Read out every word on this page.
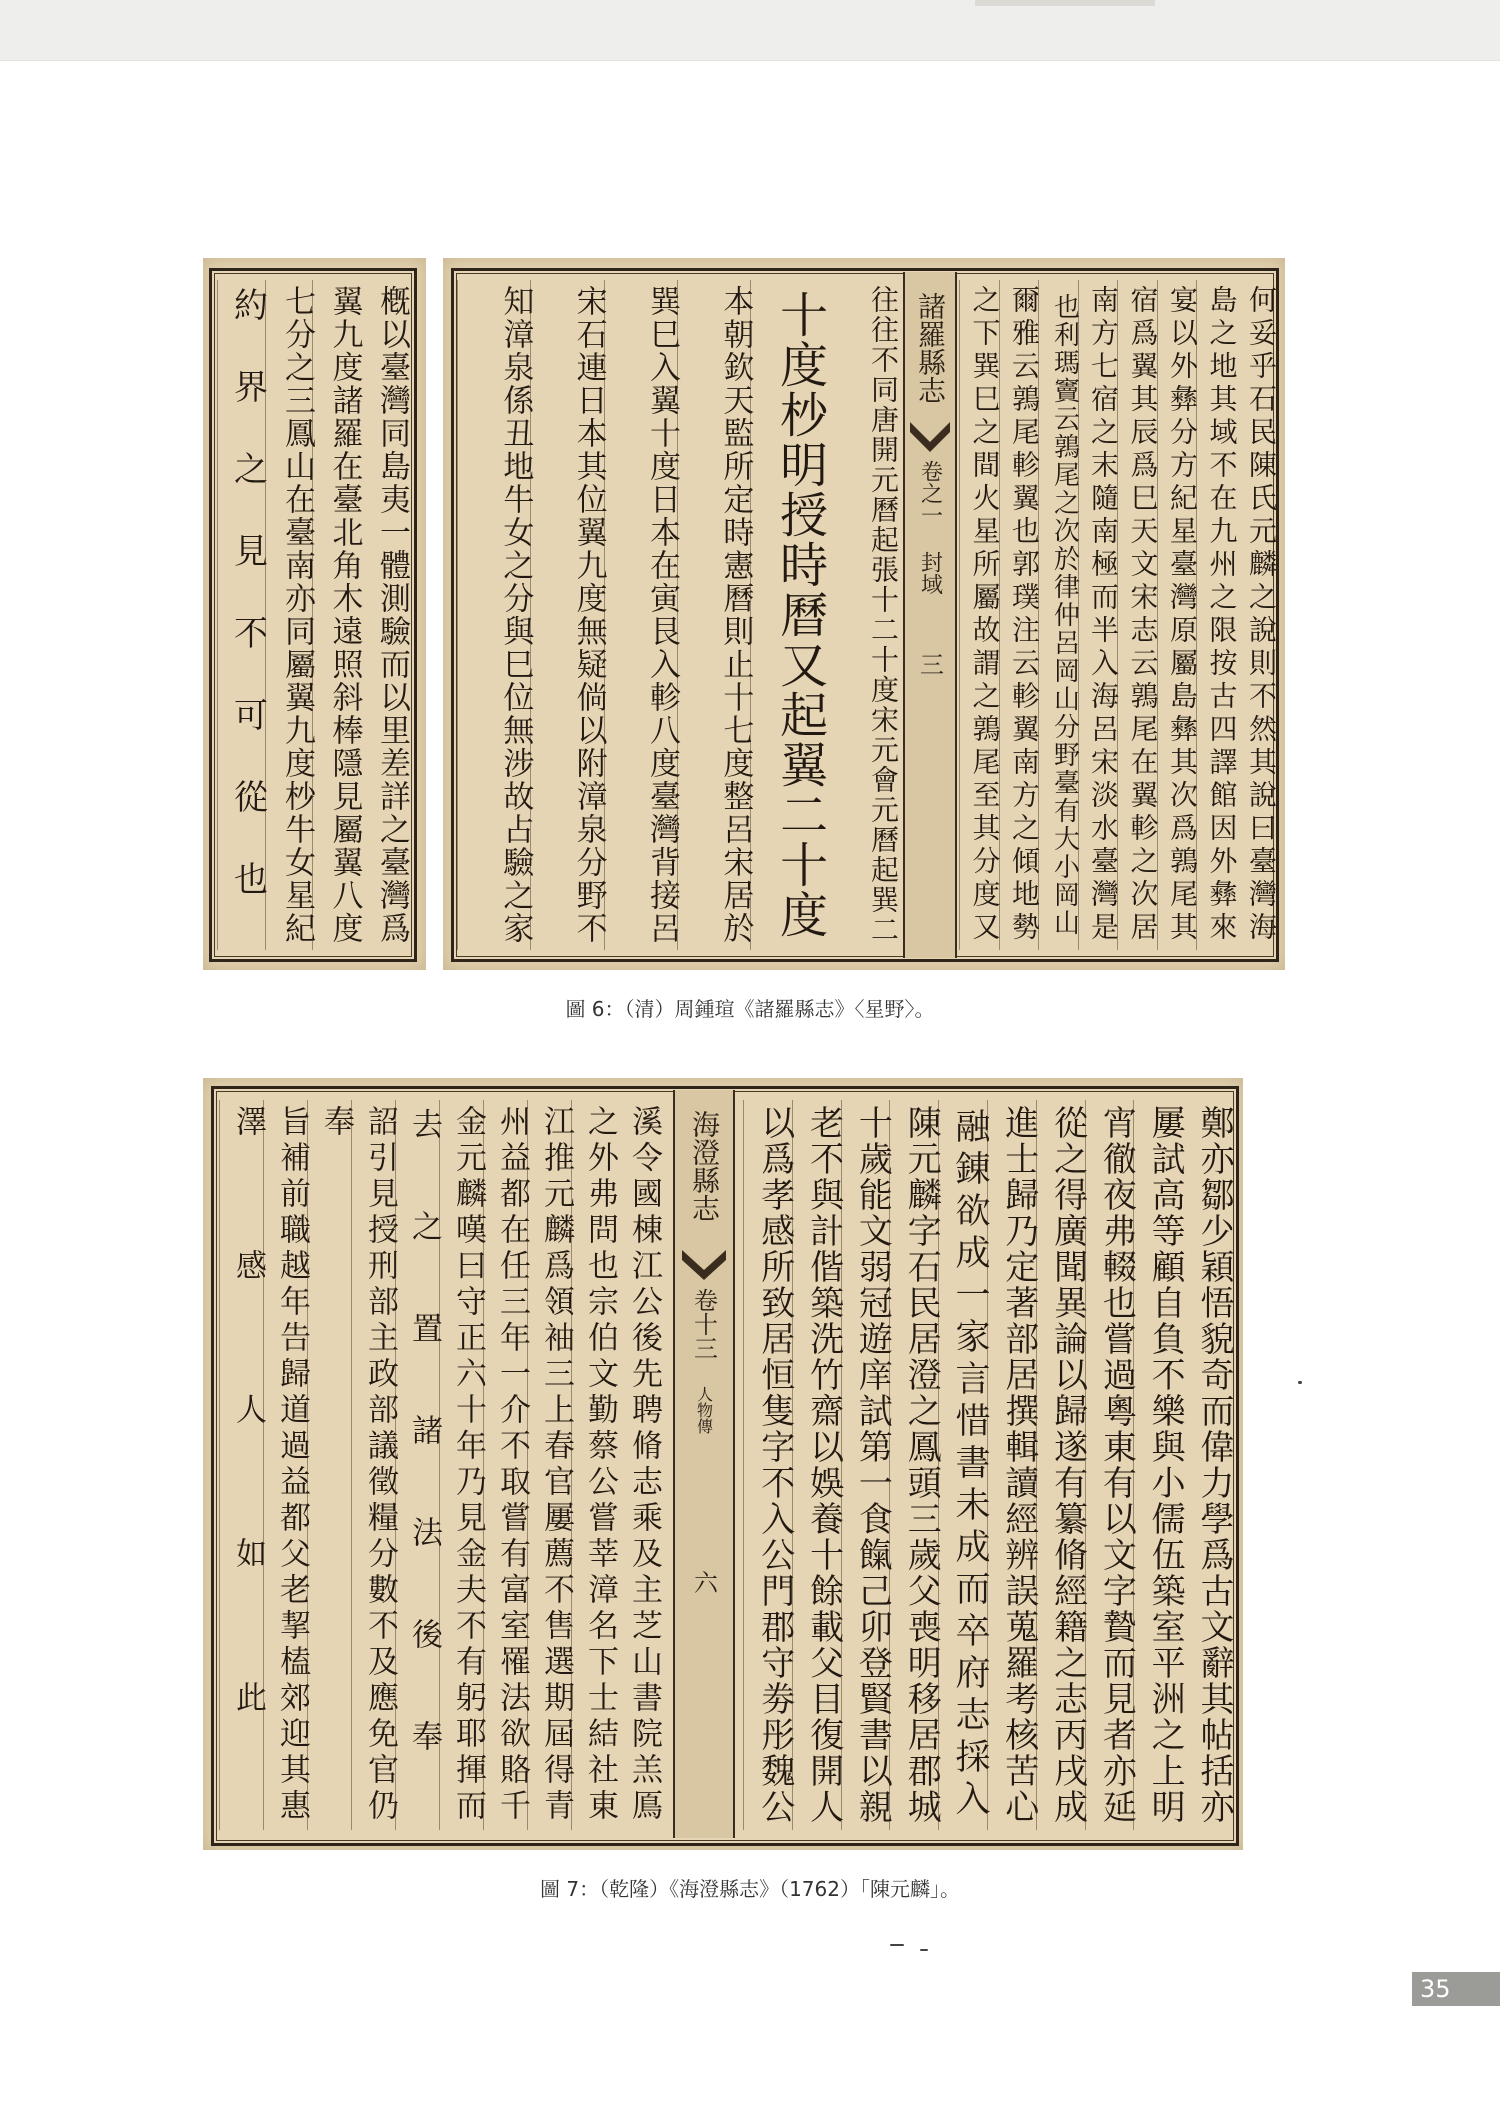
約界之見不可從也 七分之三鳳山在臺南亦同屬翼九度杪牛女星紀 翼九度諸羅在臺北角木遠照斜棒隱見屬翼八度 槪以臺灣同島夷一體測驗而以里差詳之臺灣爲	知漳泉係丑地牛女之分與巳位無涉故占驗之家 宋石連日本其位翼九度無疑倘以附漳泉分野不 巽巳入翼十度日本在寅艮入軫八度臺灣背接呂 本朝欽天監所定時憲曆則止十七度整呂宋居於 十度杪明授時曆又起翼二十度 往往不同唐開元曆起張十二十度宋元會元曆起巽二 諸羅縣志
卷之一 封域
三 之下巽巳之間火星所屬故謂之鶉尾至其分度又 爾雅云鶉尾軫翼也郭璞注云軫翼南方之傾地勢 也利瑪竇云鶉尾之次於律仲呂岡山分野臺有大小岡山 南方七宿之末隨南極而半入海呂宋淡水臺灣是 宿爲翼其辰爲巳天文宋志云鶉尾在翼軫之次居 宴以外彝分方紀星臺灣原屬島彝其次爲鶉尾其 島之地其域不在九州之限按古四譯館因外彝來 何妥乎石民陳氏元麟之說則不然其說曰臺灣海
圖 6：（清）周鍾瑄《諸羅縣志》〈星野〉。
澤感人如此 旨補前職越年告歸道過益都父老挈榼郊迎其惠 奉 詔引見授刑部主政部議徵糧分數不及應免官仍 去之置諸法後奉 金元麟嘆曰守正六十年乃見金夫不有躬耶揮而 州益都在任三年一介不取嘗有富室罹法欲賂千 江推元麟爲領袖三上春官屢薦不售選期屆得青 之外弗問也宗伯文勤蔡公嘗莘漳名下士結社東 溪令國棟江公後先聘脩志乘及主芝山書院羔鳫 海澄縣志
卷十三
人物傳
六	以爲孝感所致居恒隻字不入公門郡守劵彤魏公 老不與計偕築洗竹齋以娛養十餘載父目復開人 十歲能文弱冠遊庠試第一食餼己卯登賢書以親 陳元麟字石民居澄之鳳頭三歲父喪明移居郡城 融錬欲成一家言惜書未成而卒府志採入 進士歸乃定著部居撰輯讀經辨誤蒐羅考核苦心 從之得廣聞異論以歸遂有纂脩經籍之志丙戌成 宵徹夜弗輟也嘗過粵東有以文字贄而見者亦延 屢試高等顧自負不樂與小儒伍築室平洲之上明 鄭亦鄒少穎悟貌奇而偉力學爲古文辭其帖括亦
圖 7：（乾隆）《海澄縣志》（1762）「陳元麟」。
35
